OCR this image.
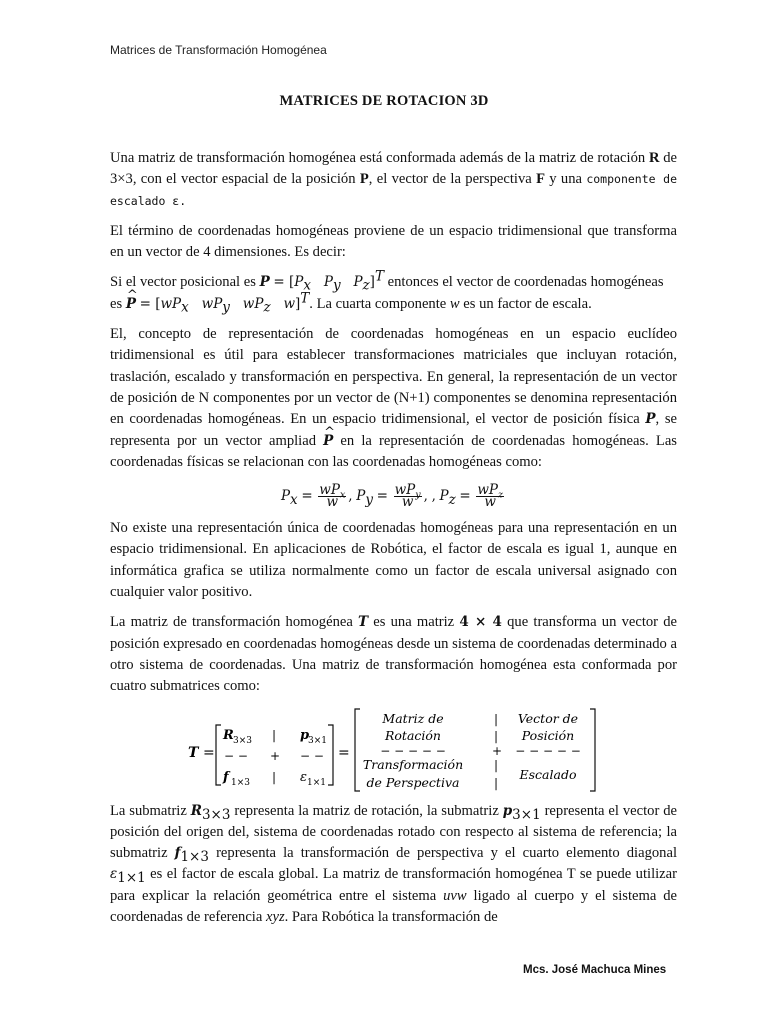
Matrices de Transformación Homogénea
MATRICES DE ROTACION 3D

Una matriz de transformación homogénea está conformada además de la matriz de rotación R de 3×3, con el vector espacial de la posición P, el vector de la perspectiva F y una componente de escalado ε.

El término de coordenadas homogéneas proviene de un espacio tridimensional que transforma en un vector de 4 dimensiones. Es decir:

Si el vector posicional es $P = [P_x$ $P_y$ $P_z]^T$ entonces el vector de coordenadas homogéneas
es ^ $P = [wP_x$ $wP_y$ $wP_z$ w]$^T$. La cuarta componente w es un factor de escala.

El, concepto de representación de coordenadas homogéneas en un espacio euclídeo tridimensional es útil para establecer transformaciones matriciales que incluyan rotación, traslación, escalado y transformación en perspectiva. En general, la representación de un vector de posición de N componentes por un vector de (N+1) componentes se denomina representación en coordenadas homogéneas. En un espacio tridimensional, el vector de posición física P, se representa por un vector ampliad ^ P en la representación de coordenadas homogéneas. Las coordenadas físicas se relacionan con las coordenadas homogéneas como:

$P_x = \frac{wP_x}{w}$ , $P_y = \frac{wP_y}{w}$ , , $P_z = \frac{wP_z}{w}$

No existe una representación única de coordenadas homogéneas para una representación en un espacio tridimensional. En aplicaciones de Robótica, el factor de escala es igual 1, aunque en informática grafica se utiliza normalmente como un factor de escala universal asignado con cualquier valor positivo.

La matriz de transformación homogénea T es una matriz 4 × 4 que transforma un vector de posición expresado en coordenadas homogéneas desde un sistema de coordenadas determinado a otro sistema de coordenadas. Una matriz de transformación homogénea esta conformada por cuatro submatrices como:

T =
R 3×3 | p
3×1
− − + − −
f 1×3 | ε 1×1
=
Matriz de
Rotación
− − − − −
Transformación
de Perspectiva
|
|
+
|
|
Vector de
Posición
− − − − −
Escalado

La submatriz $R_{3\times 3}$ representa la matriz de rotación, la submatriz $p_{3\times 1}$ representa el vector de posición del origen del, sistema de coordenadas rotado con respecto al sistema de referencia; la submatriz $f_{1\times 3}$ representa la transformación de perspectiva y el cuarto elemento diagonal $\varepsilon_{1\times 1}$ es el factor de escala global. La matriz de transformación homogénea T se puede utilizar para explicar la relación geométrica entre el sistema uvw ligado al cuerpo y el sistema de coordenadas de referencia xyz. Para Robótica la transformación de

Mcs. José Machuca Mines
